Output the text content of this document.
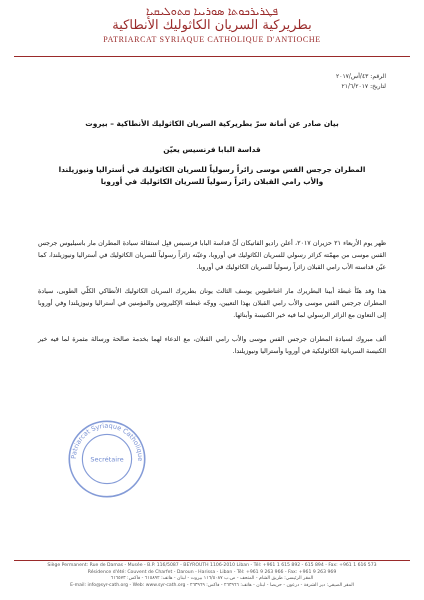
ܦܛܪܝܪܟܘܬܐ ܣܘܪܝܝܐ ܩܬܘܠܝܩܝܐ
بطريركية السريان الكاثوليك الأنطاكية
PATRIARCAT SYRIAQUE CATHOLIQUE D'ANTIOCHE
الرقم: ٤٣/أس/٢٠١٧
لتاريخ: ٢١/٦/٢٠١٧
بيان صادر عن أمانة سرّ بطريركية السريان الكاثوليك الأنطاكية – بيروت
قداسة البابا فرنسيس يعيّن
المطران جرجس القس موسى زائراً رسولياً للسريان الكاثوليك في أستراليا ونيوزيلندا
والأب رامي القبلان زائراً رسولياً للسريان الكاثوليك في أوروبا

ظهر يوم الأربعاء ٢١ حزيران ٢٠١٧، أعلن راديو الفاتيكان أنّ قداسة البابا فرنسيس قبِل استقالة سيادة المطران مار باسيليوس جرجس القس موسى من مهمّته كزائر رسولي للسريان الكاثوليك في أوروبا، وعيّنه زائراً رسولياً للسريان الكاثوليك في أستراليا ونيوزيلندا، كما عيّن قداسته الأب رامي القبلان زائراً رسولياً للسريان الكاثوليك في أوروبا.

هذا وقد هنّأ غبطة أبينا البطريرك مار اغناطيوس يوسف الثالث يونان بطريرك السريان الكاثوليك الأنطاكي الكلّي الطوبى، سيادة المطران جرجس القس موسى والأب رامي القبلان بهذا التعيين، ووجّه غبطته الإكليروس والمؤمنين في أستراليا ونيوزيلندا وفي أوروبا إلى التعاون مع الزائر الرسولي لما فيه خير الكنيسة وأبنائها.

ألف مبروك لسيادة المطران جرجس القس موسى والأب رامي القبلان، مع الدعاء لهما بخدمة صالحة ورسالة مثمرة لما فيه خير الكنيسة السريانية الكاثوليكية في أوروبا وأستراليا ونيوزيلندا.

Patriarcat Syriaque Catholique
Secrétaire
Siège Permanent: Rue de Damas - Musée - B.P. 116/5087 - BEYROUTH 1106-2010 Liban - Tél: +961 1 615 892 - 615 894 - Fax: +961 1 616 573
Résidence d'été: Couvent de Charfet - Daroun - Harissa - Liban - Tél: +961 9 263 966 - Fax: +961 9 263 969
المقر الرئيسي: طريق الشام - المتحف - ص.ب ١١٦/٥٠٨٧ بيروت - لبنان - هاتف: ٦١٥٨٩٢ - فاكس: ٦١٦٥٧٣
المقر الصيفي: دير الشرفة - درعون - حريصا - لبنان - هاتف: ٢٦٣٩٦٦ - فاكس: ٢٦٣٩٦٩ - E-mail: info@syr-cath.org - Web: www.syr-cath.org
